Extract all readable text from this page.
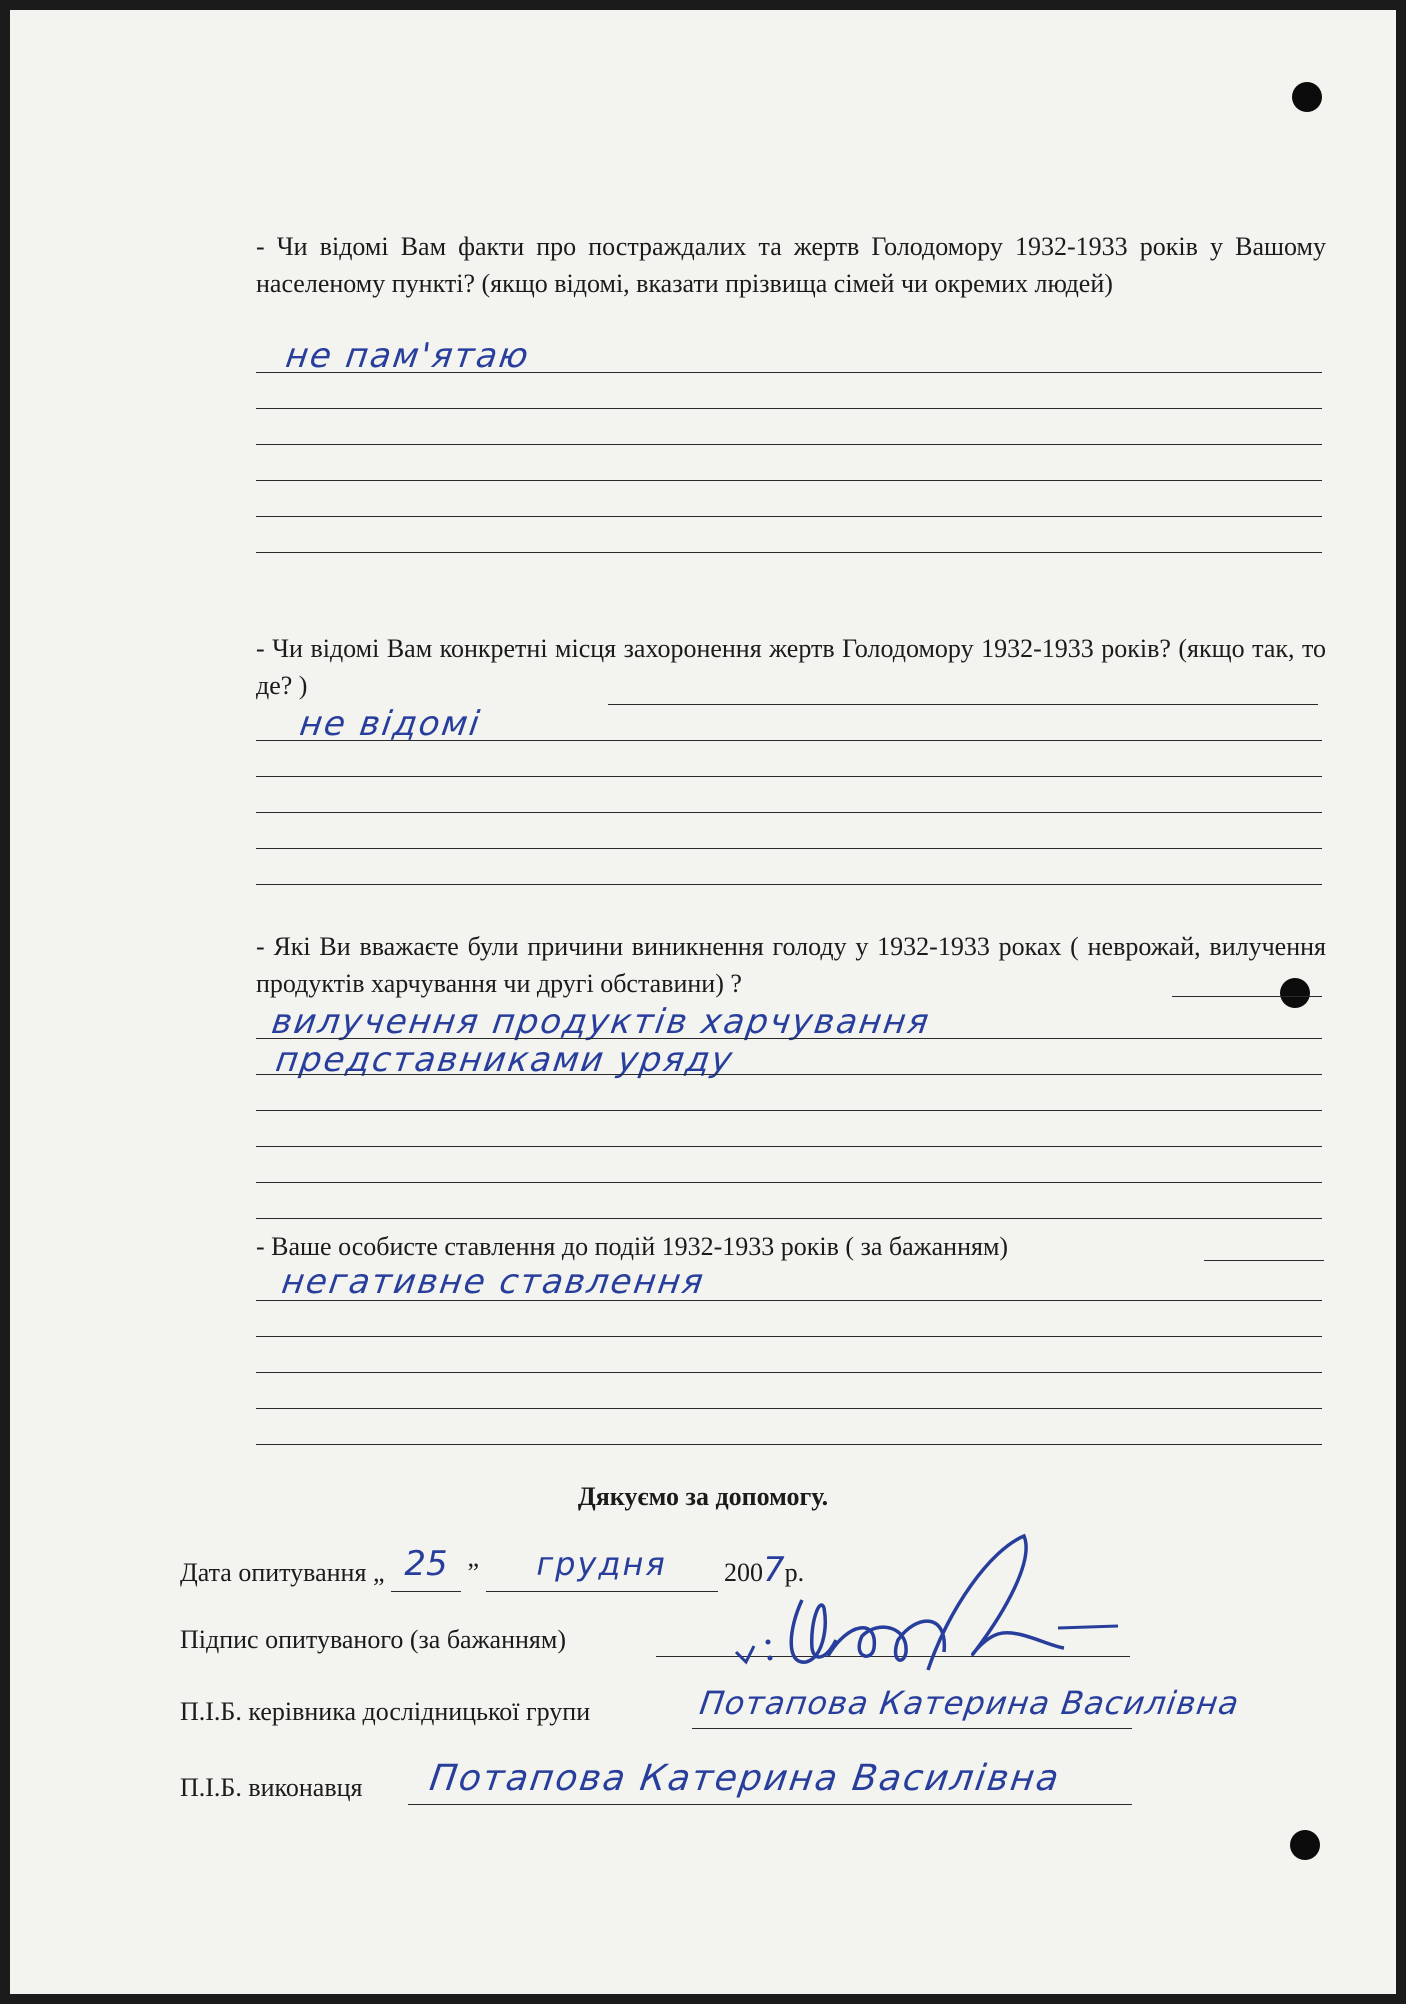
- Чи відомі Вам факти про постраждалих та жертв Голодомору 1932-1933 років у Вашому населеному пункті? (якщо відомі, вказати прізвища сімей чи окремих людей)
не пам'ятаю
- Чи відомі Вам конкретні місця захоронення жертв Голодомору 1932-1933 років? (якщо так, то де? )
не відомі
- Які Ви вважаєте були причини виникнення голоду у 1932-1933 роках ( неврожай, вилучення продуктів харчування чи другі обставини) ?
вилучення продуктів харчування
представниками уряду
- Ваше особисте ставлення до подій 1932-1933 років ( за бажанням)
негативне ставлення
Дякуємо за допомогу.
Дата опитування „ 25 ” грудня 2007р.
Підпис опитуваного (за бажанням)
П.І.Б. керівника дослідницької групи	Потапова Катерина Василівна
П.І.Б. виконавця Потапова Катерина Василівна
